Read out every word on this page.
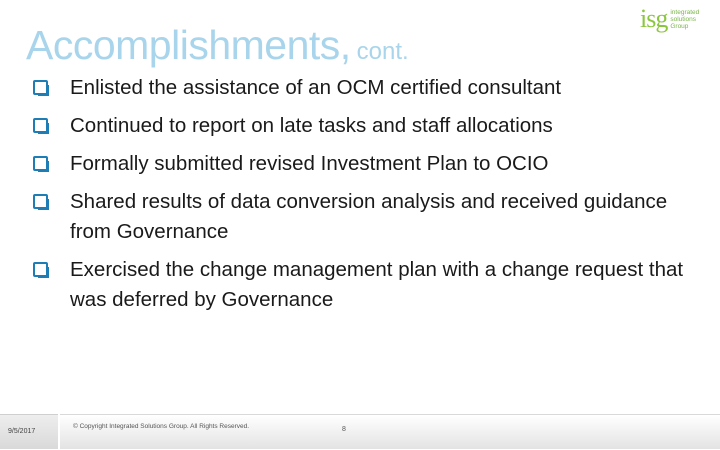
Accomplishments, cont.
isg integrated
solutions
Group
Enlisted the assistance of an OCM certified consultant
Continued to report on late tasks and staff allocations
Formally submitted revised Investment Plan to OCIO
Shared results of data conversion analysis and received guidance from Governance
Exercised the change management plan with a change request that was deferred by Governance
9/5/2017
© Copyright Integrated Solutions Group. All Rights Reserved.	8
